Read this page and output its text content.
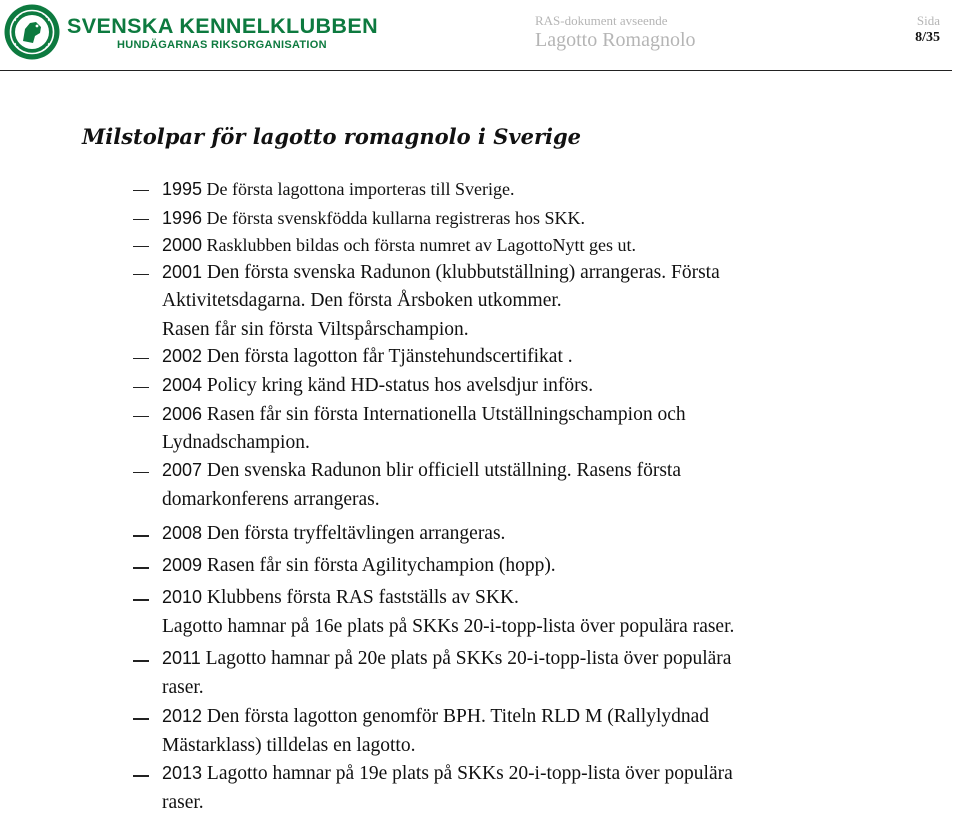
SVENSKA KENNELKLUBBEN
HUNDÄGARNAS RIKSORGANISATION
RAS-dokument avseende
Lagotto Romagnolo
Sida
8/35
Milstolpar för lagotto romagnolo i Sverige
1995 De första lagottona importeras till Sverige.
1996 De första svenskfödda kullarna registreras hos SKK.
2000 Rasklubben bildas och första numret av LagottoNytt ges ut.
2001 Den första svenska Radunon (klubbutställning) arrangeras. Första
Aktivitetsdagarna. Den första Årsboken utkommer.
Rasen får sin första Viltspårschampion.
2002 Den första lagotton får Tjänstehundscertifikat .
2004 Policy kring känd HD-status hos avelsdjur införs.
2006 Rasen får sin första Internationella Utställningschampion och
Lydnadschampion.
2007 Den svenska Radunon blir officiell utställning. Rasens första
domarkonferens arrangeras.
2008 Den första tryffeltävlingen arrangeras.
2009 Rasen får sin första Agilitychampion (hopp).
2010 Klubbens första RAS fastställs av SKK.
Lagotto hamnar på 16e plats på SKKs 20-i-topp-lista över populära raser.
2011 Lagotto hamnar på 20e plats på SKKs 20-i-topp-lista över populära
raser.
2012 Den första lagotton genomför BPH. Titeln RLD M (Rallylydnad
Mästarklass) tilldelas en lagotto.
2013 Lagotto hamnar på 19e plats på SKKs 20-i-topp-lista över populära
raser.
